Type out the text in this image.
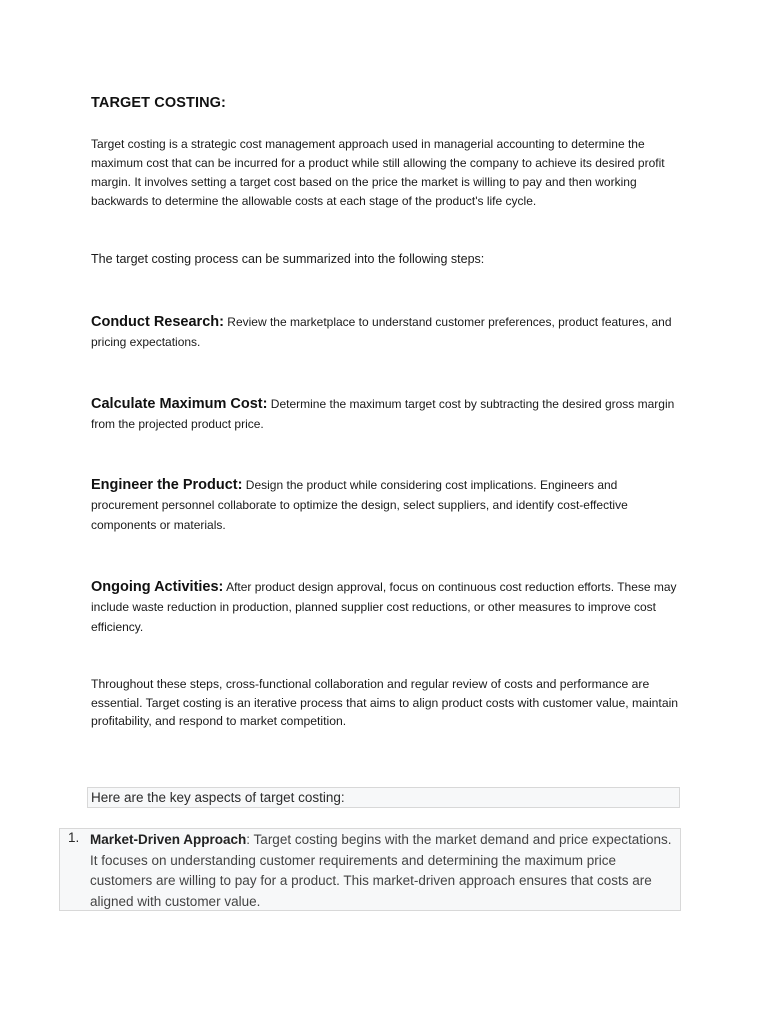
TARGET COSTING:
Target costing is a strategic cost management approach used in managerial accounting to determine the maximum cost that can be incurred for a product while still allowing the company to achieve its desired profit margin. It involves setting a target cost based on the price the market is willing to pay and then working backwards to determine the allowable costs at each stage of the product's life cycle.
The target costing process can be summarized into the following steps:
Conduct Research: Review the marketplace to understand customer preferences, product features, and pricing expectations.
Calculate Maximum Cost: Determine the maximum target cost by subtracting the desired gross margin from the projected product price.
Engineer the Product: Design the product while considering cost implications. Engineers and procurement personnel collaborate to optimize the design, select suppliers, and identify cost-effective components or materials.
Ongoing Activities: After product design approval, focus on continuous cost reduction efforts. These may include waste reduction in production, planned supplier cost reductions, or other measures to improve cost efficiency.
Throughout these steps, cross-functional collaboration and regular review of costs and performance are essential. Target costing is an iterative process that aims to align product costs with customer value, maintain profitability, and respond to market competition.
Here are the key aspects of target costing:
1. Market-Driven Approach: Target costing begins with the market demand and price expectations. It focuses on understanding customer requirements and determining the maximum price customers are willing to pay for a product. This market-driven approach ensures that costs are aligned with customer value.
